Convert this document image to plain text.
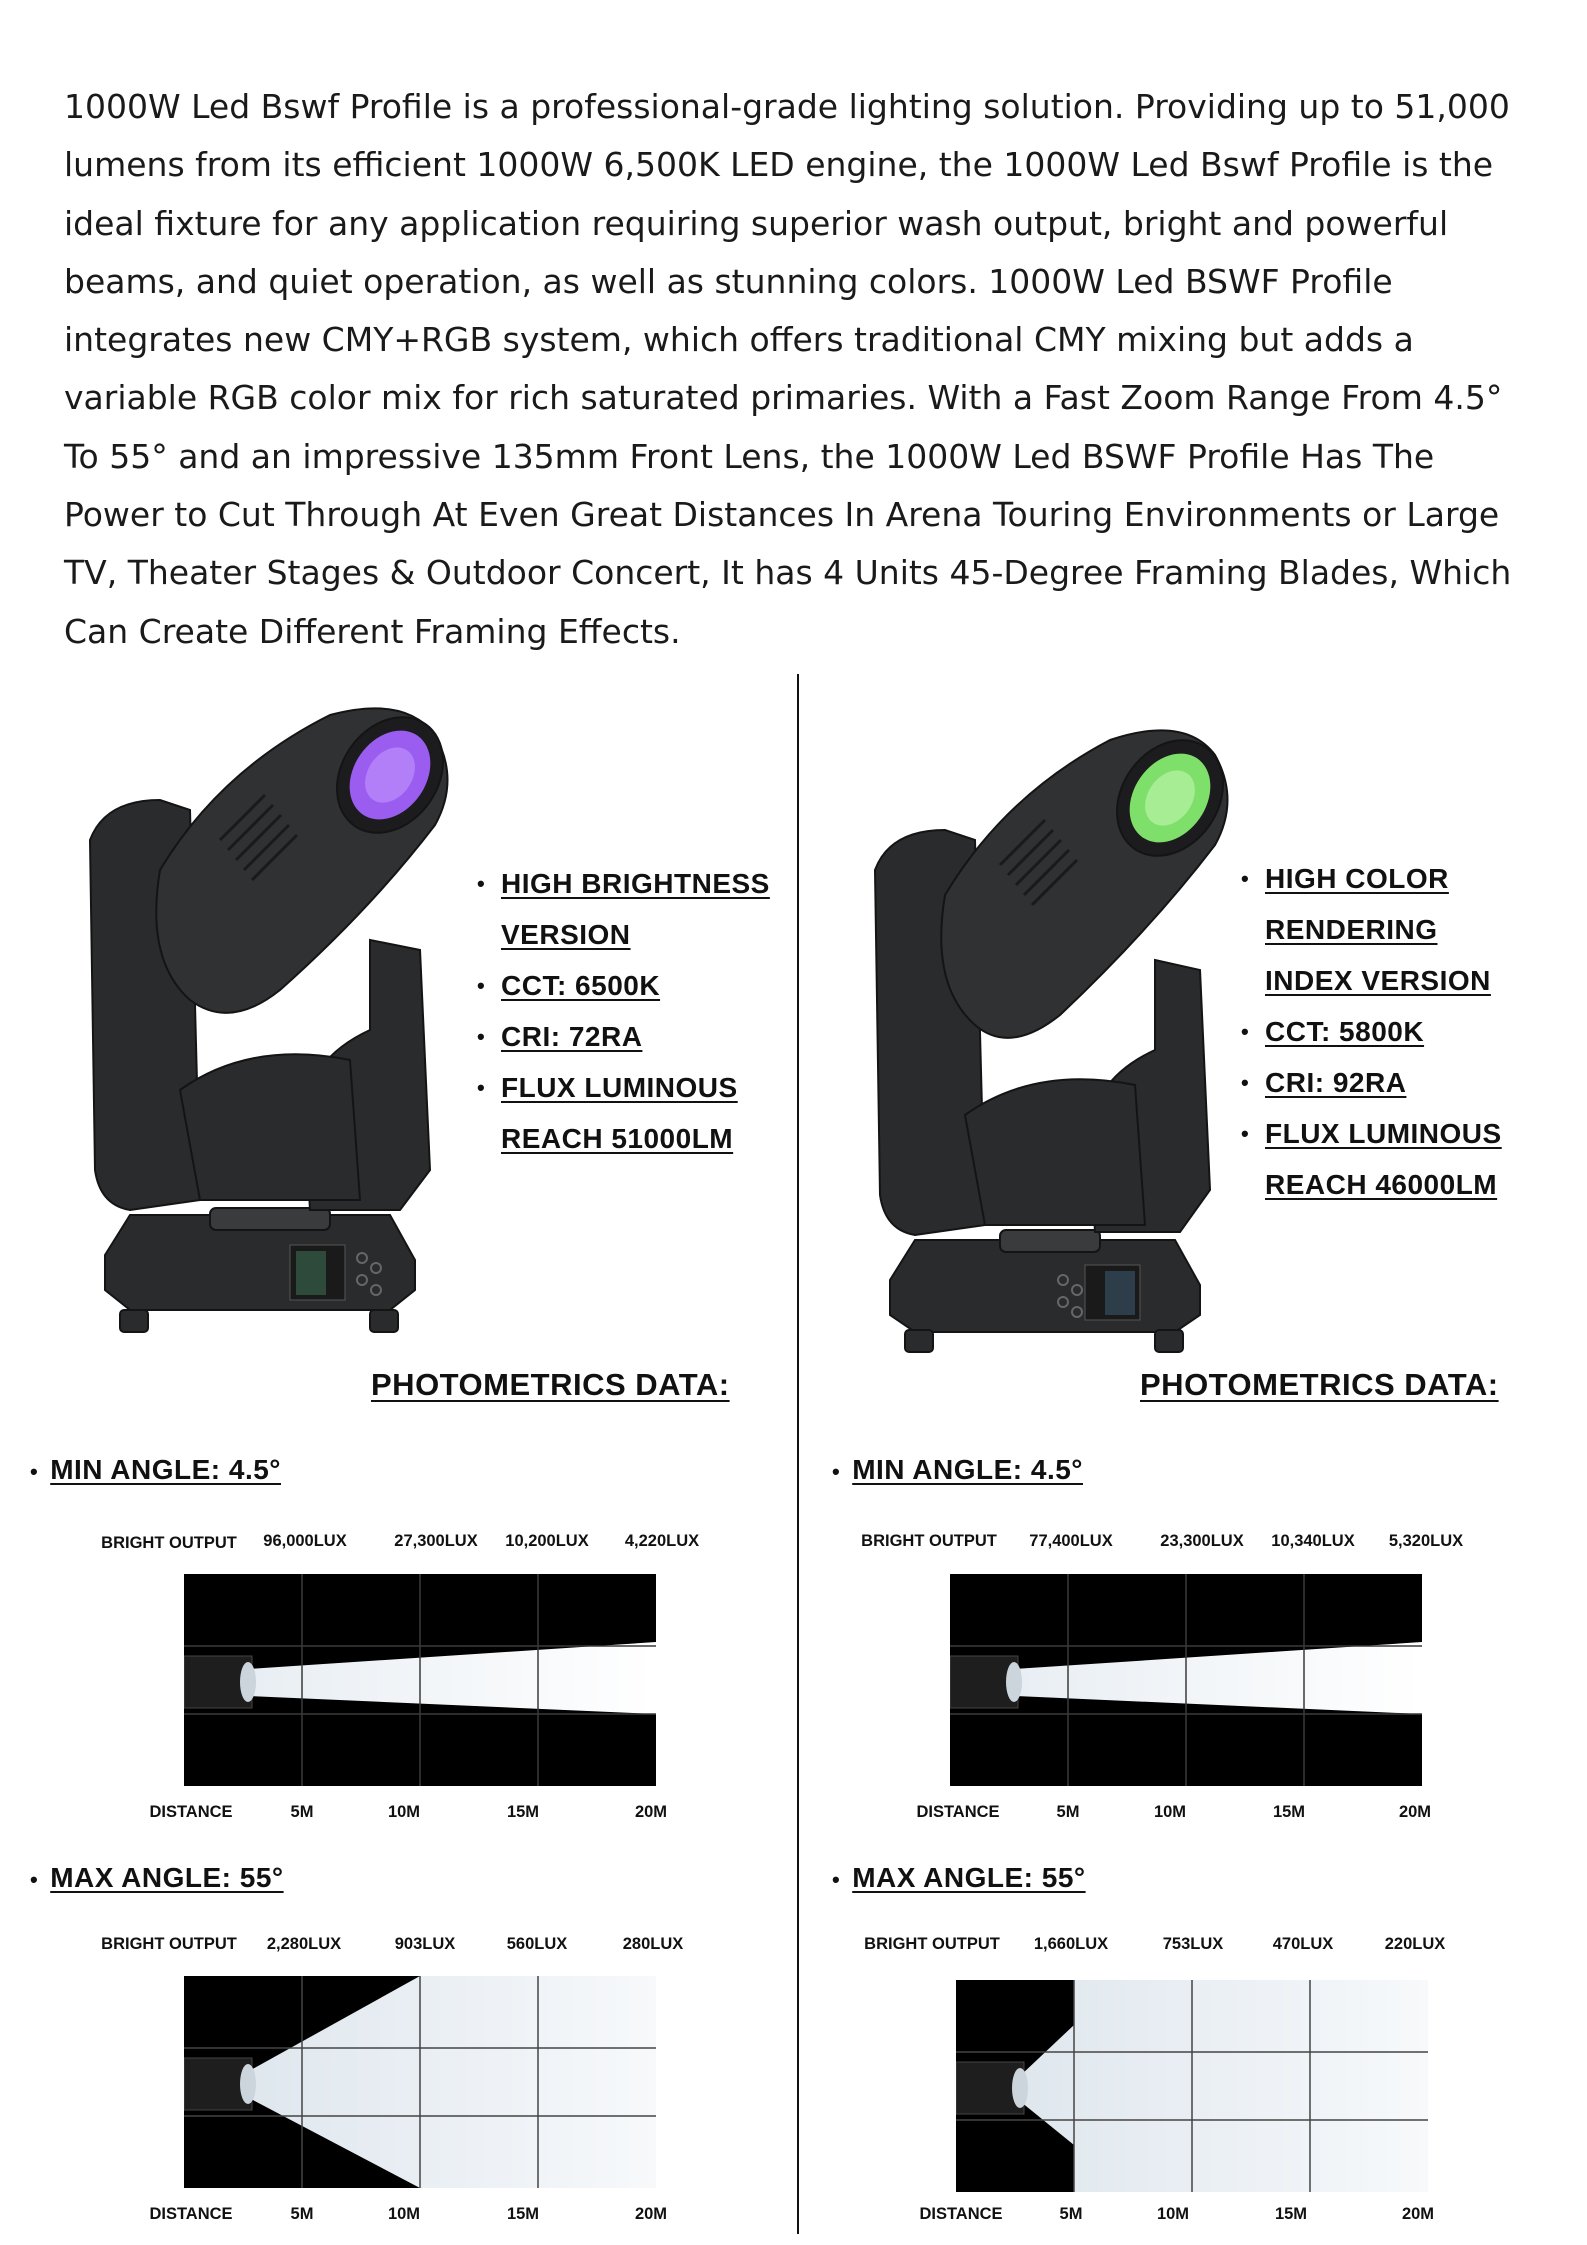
1000W Led Bswf Profile is a professional-grade lighting solution. Providing up to 51,000 lumens from its efficient 1000W 6,500K LED engine, the 1000W Led Bswf Profile is the ideal fixture for any application requiring superior wash output, bright and powerful beams, and quiet operation, as well as stunning colors. 1000W Led BSWF Profile integrates new CMY+RGB system, which offers traditional CMY mixing but adds a variable RGB color mix for rich saturated primaries. With a Fast Zoom Range From 4.5° To 55° and an impressive 135mm Front Lens, the 1000W Led BSWF Profile Has The Power to Cut Through At Even Great Distances In Arena Touring Environments or Large TV, Theater Stages & Outdoor Concert, It has 4 Units 45-Degree Framing Blades, Which Can Create Different Framing Effects.
• HIGH BRIGHTNESS
VERSION
• CCT: 6500K
• CRI: 72RA
• FLUX LUMINOUS
REACH 51000LM
PHOTOMETRICS DATA:
• MIN ANGLE: 4.5°
BRIGHT OUTPUT 96,000LUX	27,300LUX 10,200LUX 4,220LUX
DISTANCE	5M	10M	15M	20M
• MAX ANGLE: 55°
BRIGHT OUTPUT 2,280LUX	903LUX	560LUX	280LUX
DISTANCE	5M	10M	15M	20M
• HIGH COLOR RENDERING
INDEX VERSION
• CCT: 5800K
• CRI: 92RA
• FLUX LUMINOUS
REACH 46000LM
PHOTOMETRICS DATA:
• MIN ANGLE: 4.5°
BRIGHT OUTPUT 77,400LUX	23,300LUX 10,340LUX 5,320LUX
DISTANCE	5M	10M	15M	20M
• MAX ANGLE: 55°
BRIGHT OUTPUT 1,660LUX	753LUX	470LUX	220LUX
DISTANCE	5M	10M	15M	20M
